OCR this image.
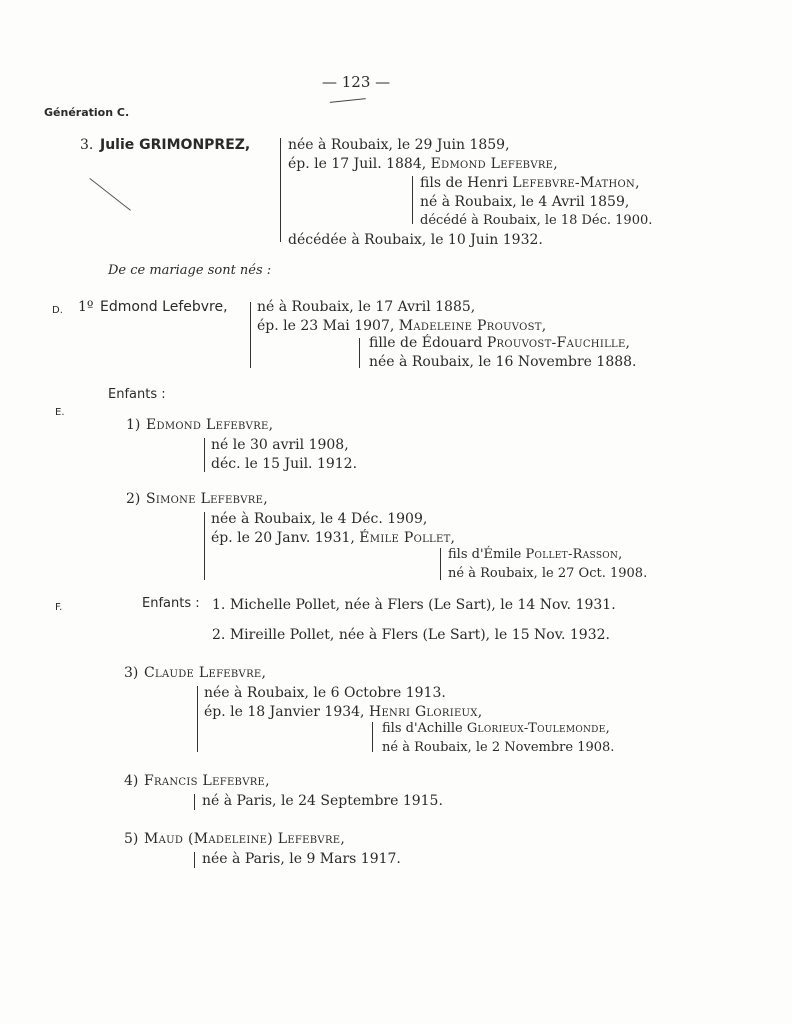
— 123 —
Génération C.
3. Julie GRIMONPREZ,	née à Roubaix, le 29 Juin 1859,
ép. le 17 Juil. 1884, Edmond Lefebvre,
fils de Henri Lefebvre-Mathon,
né à Roubaix, le 4 Avril 1859,
décédé à Roubaix, le 18 Déc. 1900.
décédée à Roubaix, le 10 Juin 1932.
De ce mariage sont nés :
D. 1º Edmond Lefebvre, né à Roubaix, le 17 Avril 1885,
ép. le 23 Mai 1907, Madeleine Prouvost,
fille de Édouard Prouvost-Fauchille,
née à Roubaix, le 16 Novembre 1888.
Enfants :
E.
1) Edmond Lefebvre,
né le 30 avril 1908,
déc. le 15 Juil. 1912.
2) Simone Lefebvre,
née à Roubaix, le 4 Déc. 1909,
ép. le 20 Janv. 1931, Émile Pollet,
fils d'Émile Pollet-Rasson,
né à Roubaix, le 27 Oct. 1908.
F.	Enfants : 1. Michelle Pollet, née à Flers (Le Sart), le 14 Nov. 1931.
2. Mireille Pollet, née à Flers (Le Sart), le 15 Nov. 1932.
3) Claude Lefebvre,
née à Roubaix, le 6 Octobre 1913.
ép. le 18 Janvier 1934, Henri Glorieux,
fils d'Achille Glorieux-Toulemonde,
né à Roubaix, le 2 Novembre 1908.
4) Francis Lefebvre,
né à Paris, le 24 Septembre 1915.
5) Maud (Madeleine) Lefebvre,
née à Paris, le 9 Mars 1917.
